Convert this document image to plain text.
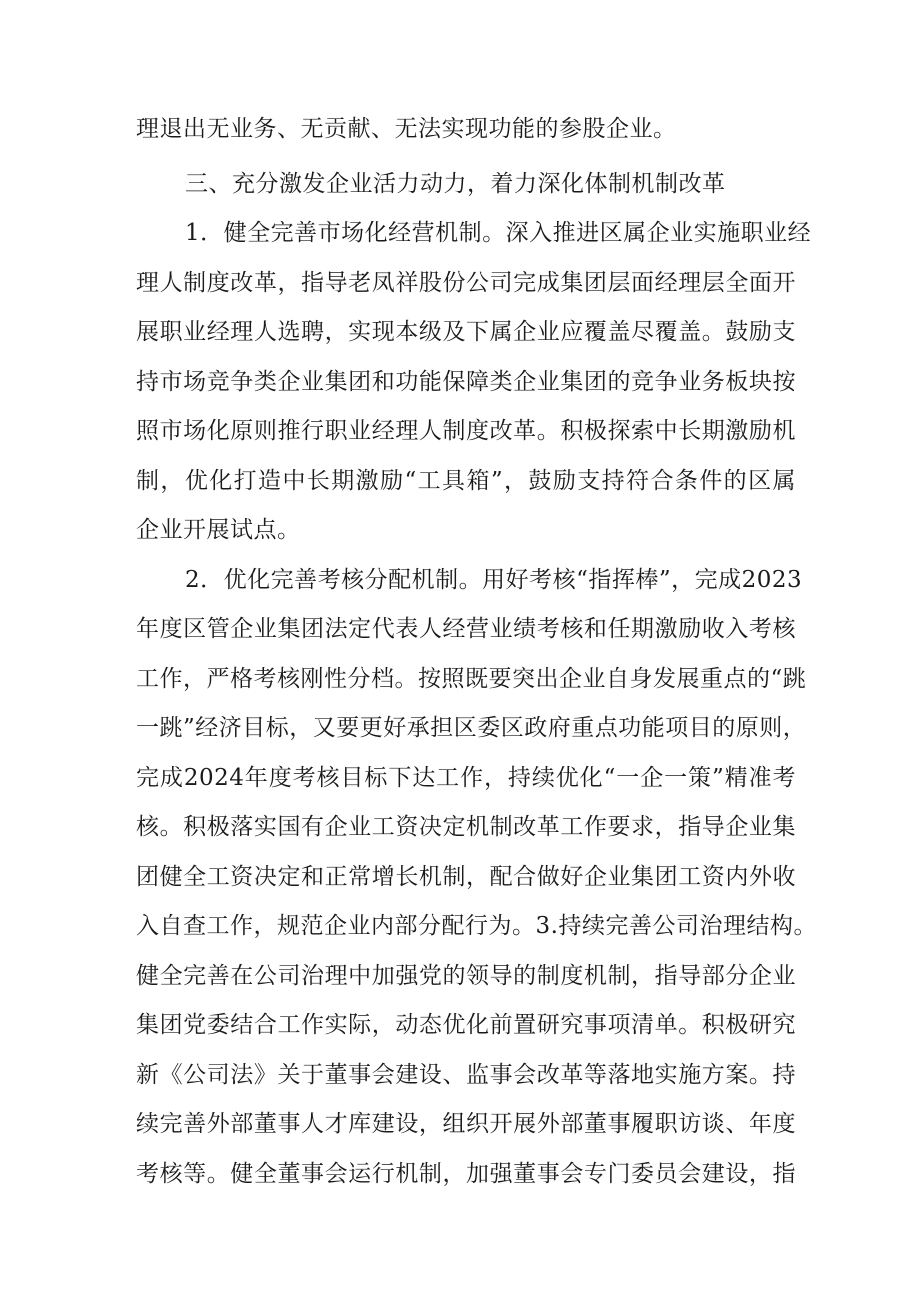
理退出无业务、无贡献、无法实现功能的参股企业。
三、充分激发企业活力动力，着力深化体制机制改革
1．健全完善市场化经营机制。深入推进区属企业实施职业经
理人制度改革，指导老凤祥股份公司完成集团层面经理层全面开
展职业经理人选聘，实现本级及下属企业应覆盖尽覆盖。鼓励支
持市场竞争类企业集团和功能保障类企业集团的竞争业务板块按
照市场化原则推行职业经理人制度改革。积极探索中长期激励机
制，优化打造中长期激励“工具箱”，鼓励支持符合条件的区属
企业开展试点。
2．优化完善考核分配机制。用好考核“指挥棒”，完成2023
年度区管企业集团法定代表人经营业绩考核和任期激励收入考核
工作，严格考核刚性分档。按照既要突出企业自身发展重点的“跳
一跳”经济目标，又要更好承担区委区政府重点功能项目的原则，
完成2024年度考核目标下达工作，持续优化“一企一策”精准考
核。积极落实国有企业工资决定机制改革工作要求，指导企业集
团健全工资决定和正常增长机制，配合做好企业集团工资内外收
入自查工作，规范企业内部分配行为。3.持续完善公司治理结构。
健全完善在公司治理中加强党的领导的制度机制，指导部分企业
集团党委结合工作实际，动态优化前置研究事项清单。积极研究
新《公司法》关于董事会建设、监事会改革等落地实施方案。持
续完善外部董事人才库建设，组织开展外部董事履职访谈、年度
考核等。健全董事会运行机制，加强董事会专门委员会建设，指
